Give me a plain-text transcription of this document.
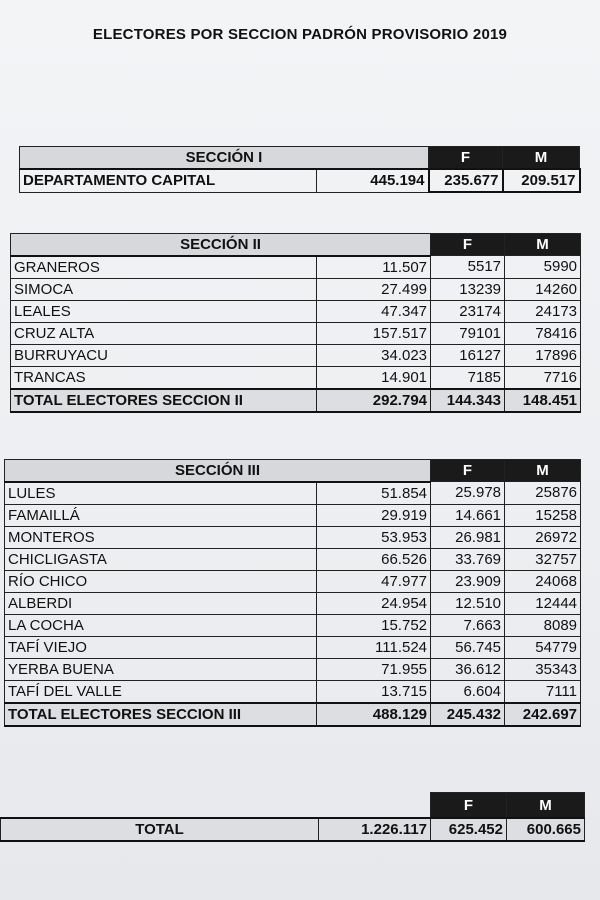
ELECTORES POR SECCION PADRÓN PROVISORIO 2019
SECCIÓN I		F	M
DEPARTAMENTO CAPITAL	445.194	235.677	209.517
SECCIÓN II		F	M
GRANEROS	11.507	5517	5990
SIMOCA	27.499	13239	14260
LEALES	47.347	23174	24173
CRUZ ALTA	157.517	79101	78416
BURRUYACU	34.023	16127	17896
TRANCAS	14.901	7185	7716
TOTAL ELECTORES SECCION II	292.794	144.343	148.451
SECCIÓN III		F	M
LULES	51.854	25.978	25876
FAMAILLÁ	29.919	14.661	15258
MONTEROS	53.953	26.981	26972
CHICLIGASTA	66.526	33.769	32757
RÍO CHICO	47.977	23.909	24068
ALBERDI	24.954	12.510	12444
LA COCHA	15.752	7.663	8089
TAFÍ VIEJO	111.524	56.745	54779
YERBA BUENA	71.955	36.612	35343
TAFÍ DEL VALLE	13.715	6.604	7111
TOTAL ELECTORES SECCION III	488.129	245.432	242.697
		F	M
TOTAL	1.226.117	625.452	600.665
